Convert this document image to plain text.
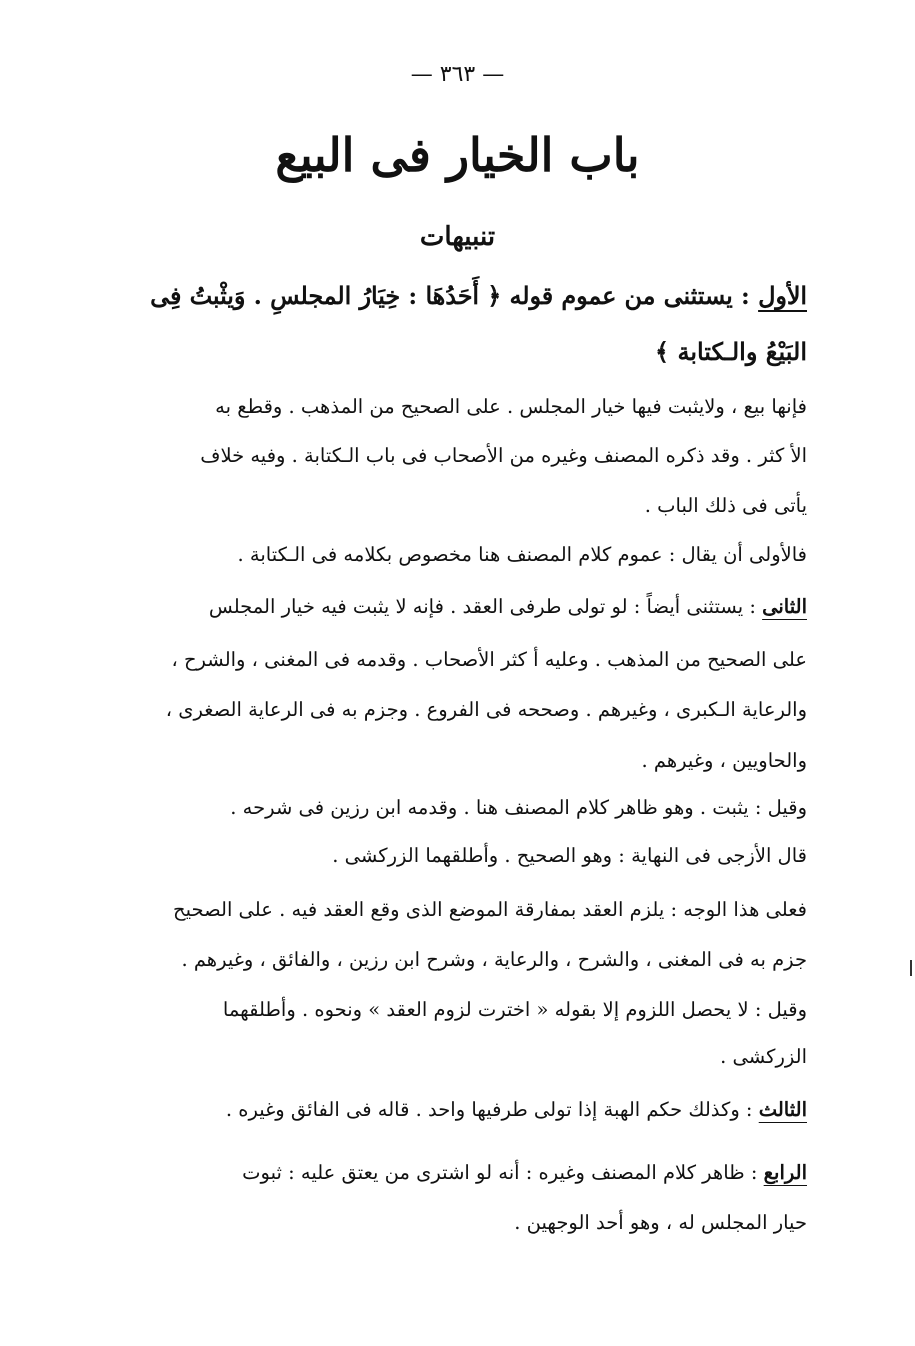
— ٣٦٣ —
باب الخيار فى البيع
تنبيهات
الأول : يستثنى من عموم قوله ﴿ أَحَدُهَا : خِيَارُ المجلسِ . وَيثْبتُ فِى
البَيْعُ والـكتابة ﴾
فإنها بيع ، ولايثبت فيها خيار المجلس . على الصحيح من المذهب . وقطع به
الأ كثر . وقد ذكره المصنف وغيره من الأصحاب فى باب الـكتابة . وفيه خلاف
يأتى فى ذلك الباب .
فالأولى أن يقال : عموم كلام المصنف هنا مخصوص بكلامه فى الـكتابة .
الثانى : يستثنى أيضاً : لو تولى طرفى العقد . فإنه لا يثبت فيه خيار المجلس
على الصحيح من المذهب . وعليه أ كثر الأصحاب . وقدمه فى المغنى ، والشرح ،
والرعاية الـكبرى ، وغيرهم . وصححه فى الفروع . وجزم به فى الرعاية الصغرى ،
والحاويين ، وغيرهم .
وقيل : يثبت . وهو ظاهر كلام المصنف هنا . وقدمه ابن رزين فى شرحه .
قال الأزجى فى النهاية : وهو الصحيح . وأطلقهما الزركشى .
فعلى هذا الوجه : يلزم العقد بمفارقة الموضع الذى وقع العقد فيه . على الصحيح
جزم به فى المغنى ، والشرح ، والرعاية ، وشرح ابن رزين ، والفائق ، وغيرهم .
وقيل : لا يحصل اللزوم إلا بقوله « اخترت لزوم العقد » ونحوه . وأطلقهما
الزركشى .
الثالث : وكذلك حكم الهبة إذا تولى طرفيها واحد . قاله فى الفائق وغيره .
الرابع : ظاهر كلام المصنف وغيره : أنه لو اشترى من يعتق عليه : ثبوت
حيار المجلس له ، وهو أحد الوجهين .
